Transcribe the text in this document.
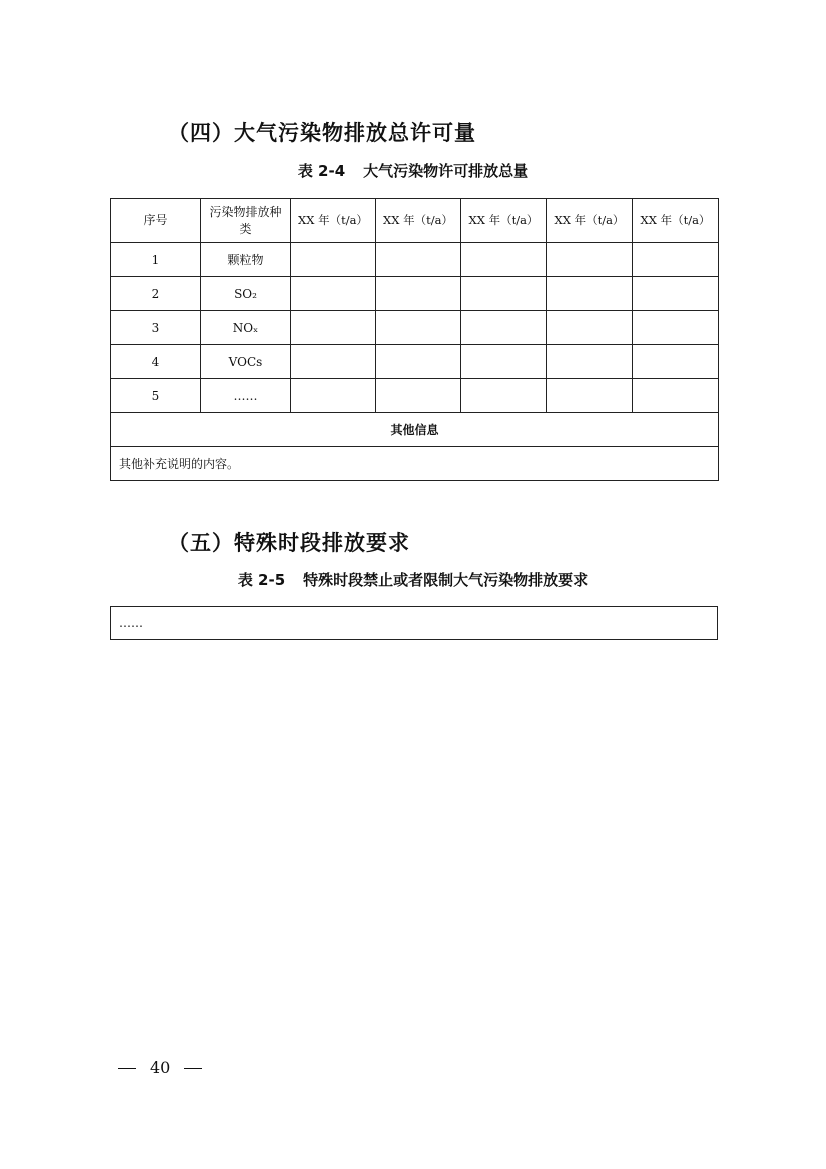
（四）大气污染物排放总许可量
表 2-4 大气污染物许可排放总量
序号	污染物排放种类	XX 年（t/a）	XX 年（t/a）	XX 年（t/a）	XX 年（t/a）	XX 年（t/a）
1	颗粒物					
2	SO₂					
3	NOₓ					
4	VOCs					
5	……					
其他信息						
其他补充说明的内容。						
（五）特殊时段排放要求
表 2-5 特殊时段禁止或者限制大气污染物排放要求
……
40
